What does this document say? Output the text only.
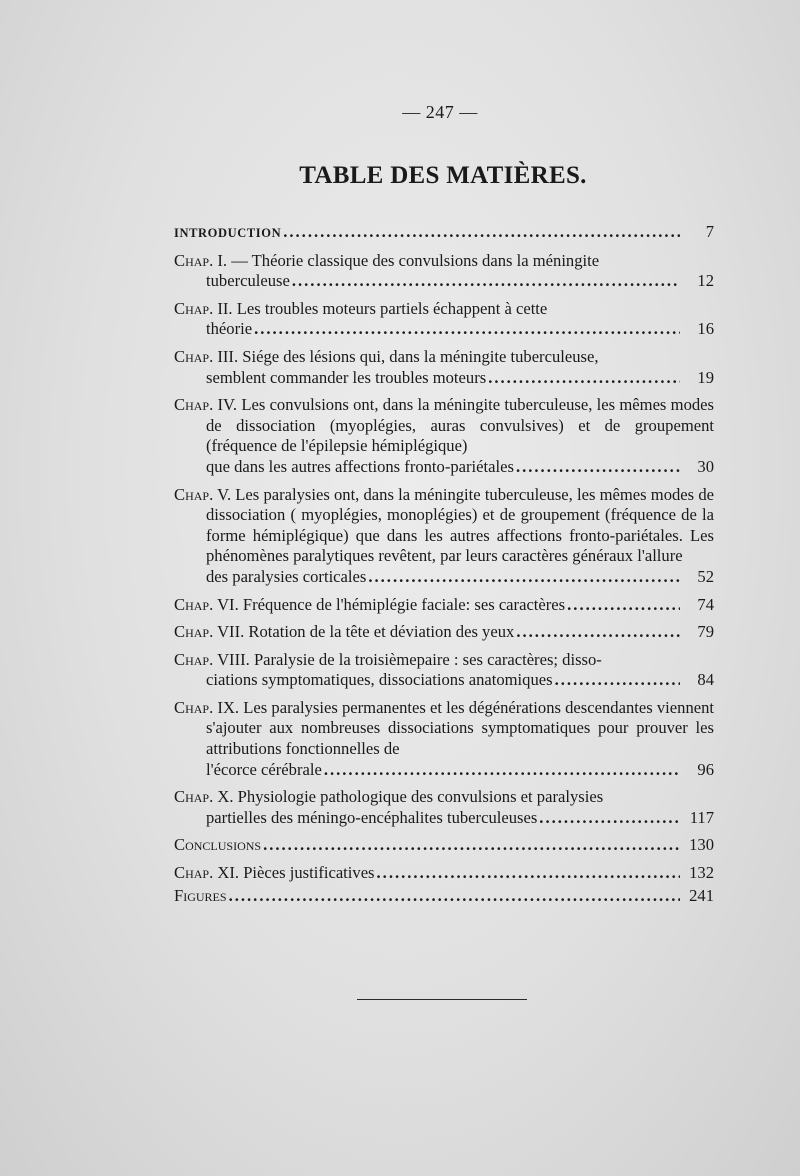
— 247 —
TABLE DES MATIÈRES.
INTRODUCTION .....	7
Chap. I. — Théorie classique des convulsions dans la méningite
tuberculeuse .....	12
Chap. II. Les troubles moteurs partiels échappent à cette
théorie .....	16
Chap. III. Siége des lésions qui, dans la méningite tuberculeuse,
semblent commander les troubles moteurs .....	19
Chap. IV. Les convulsions ont, dans la méningite tuberculeuse, les mêmes modes de dissociation (myoplégies, auras convulsives) et de groupement (fréquence de l'épilepsie hémiplégique)
que dans les autres affections fronto-pariétales .....	30
Chap. V. Les paralysies ont, dans la méningite tuberculeuse, les mêmes modes de dissociation ( myoplégies, monoplégies) et de groupement (fréquence de la forme hémiplégique) que dans les autres affections fronto-pariétales. Les phénomènes paralytiques revêtent, par leurs caractères généraux l'allure
des paralysies corticales .....	52
Chap. VI.
Fréquence de l'hémiplégie faciale: ses caractères .....	74
Chap. VII.
Rotation de la tête et déviation des yeux .....	79
Chap. VIII. Paralysie de la troisièmepaire : ses caractères; disso-
ciations symptomatiques, dissociations anatomiques .....	84
Chap. IX. Les paralysies permanentes et les dégénérations descendantes viennent s'ajouter aux nombreuses dissociations symptomatiques pour prouver les attributions fonctionnelles de
l'écorce cérébrale .....	96
Chap. X. Physiologie pathologique des convulsions et paralysies
partielles des méningo-encéphalites tuberculeuses .....	117
Conclusions .....	130
Chap. XI.
Pièces justificatives .....	132
Figures .....	241
